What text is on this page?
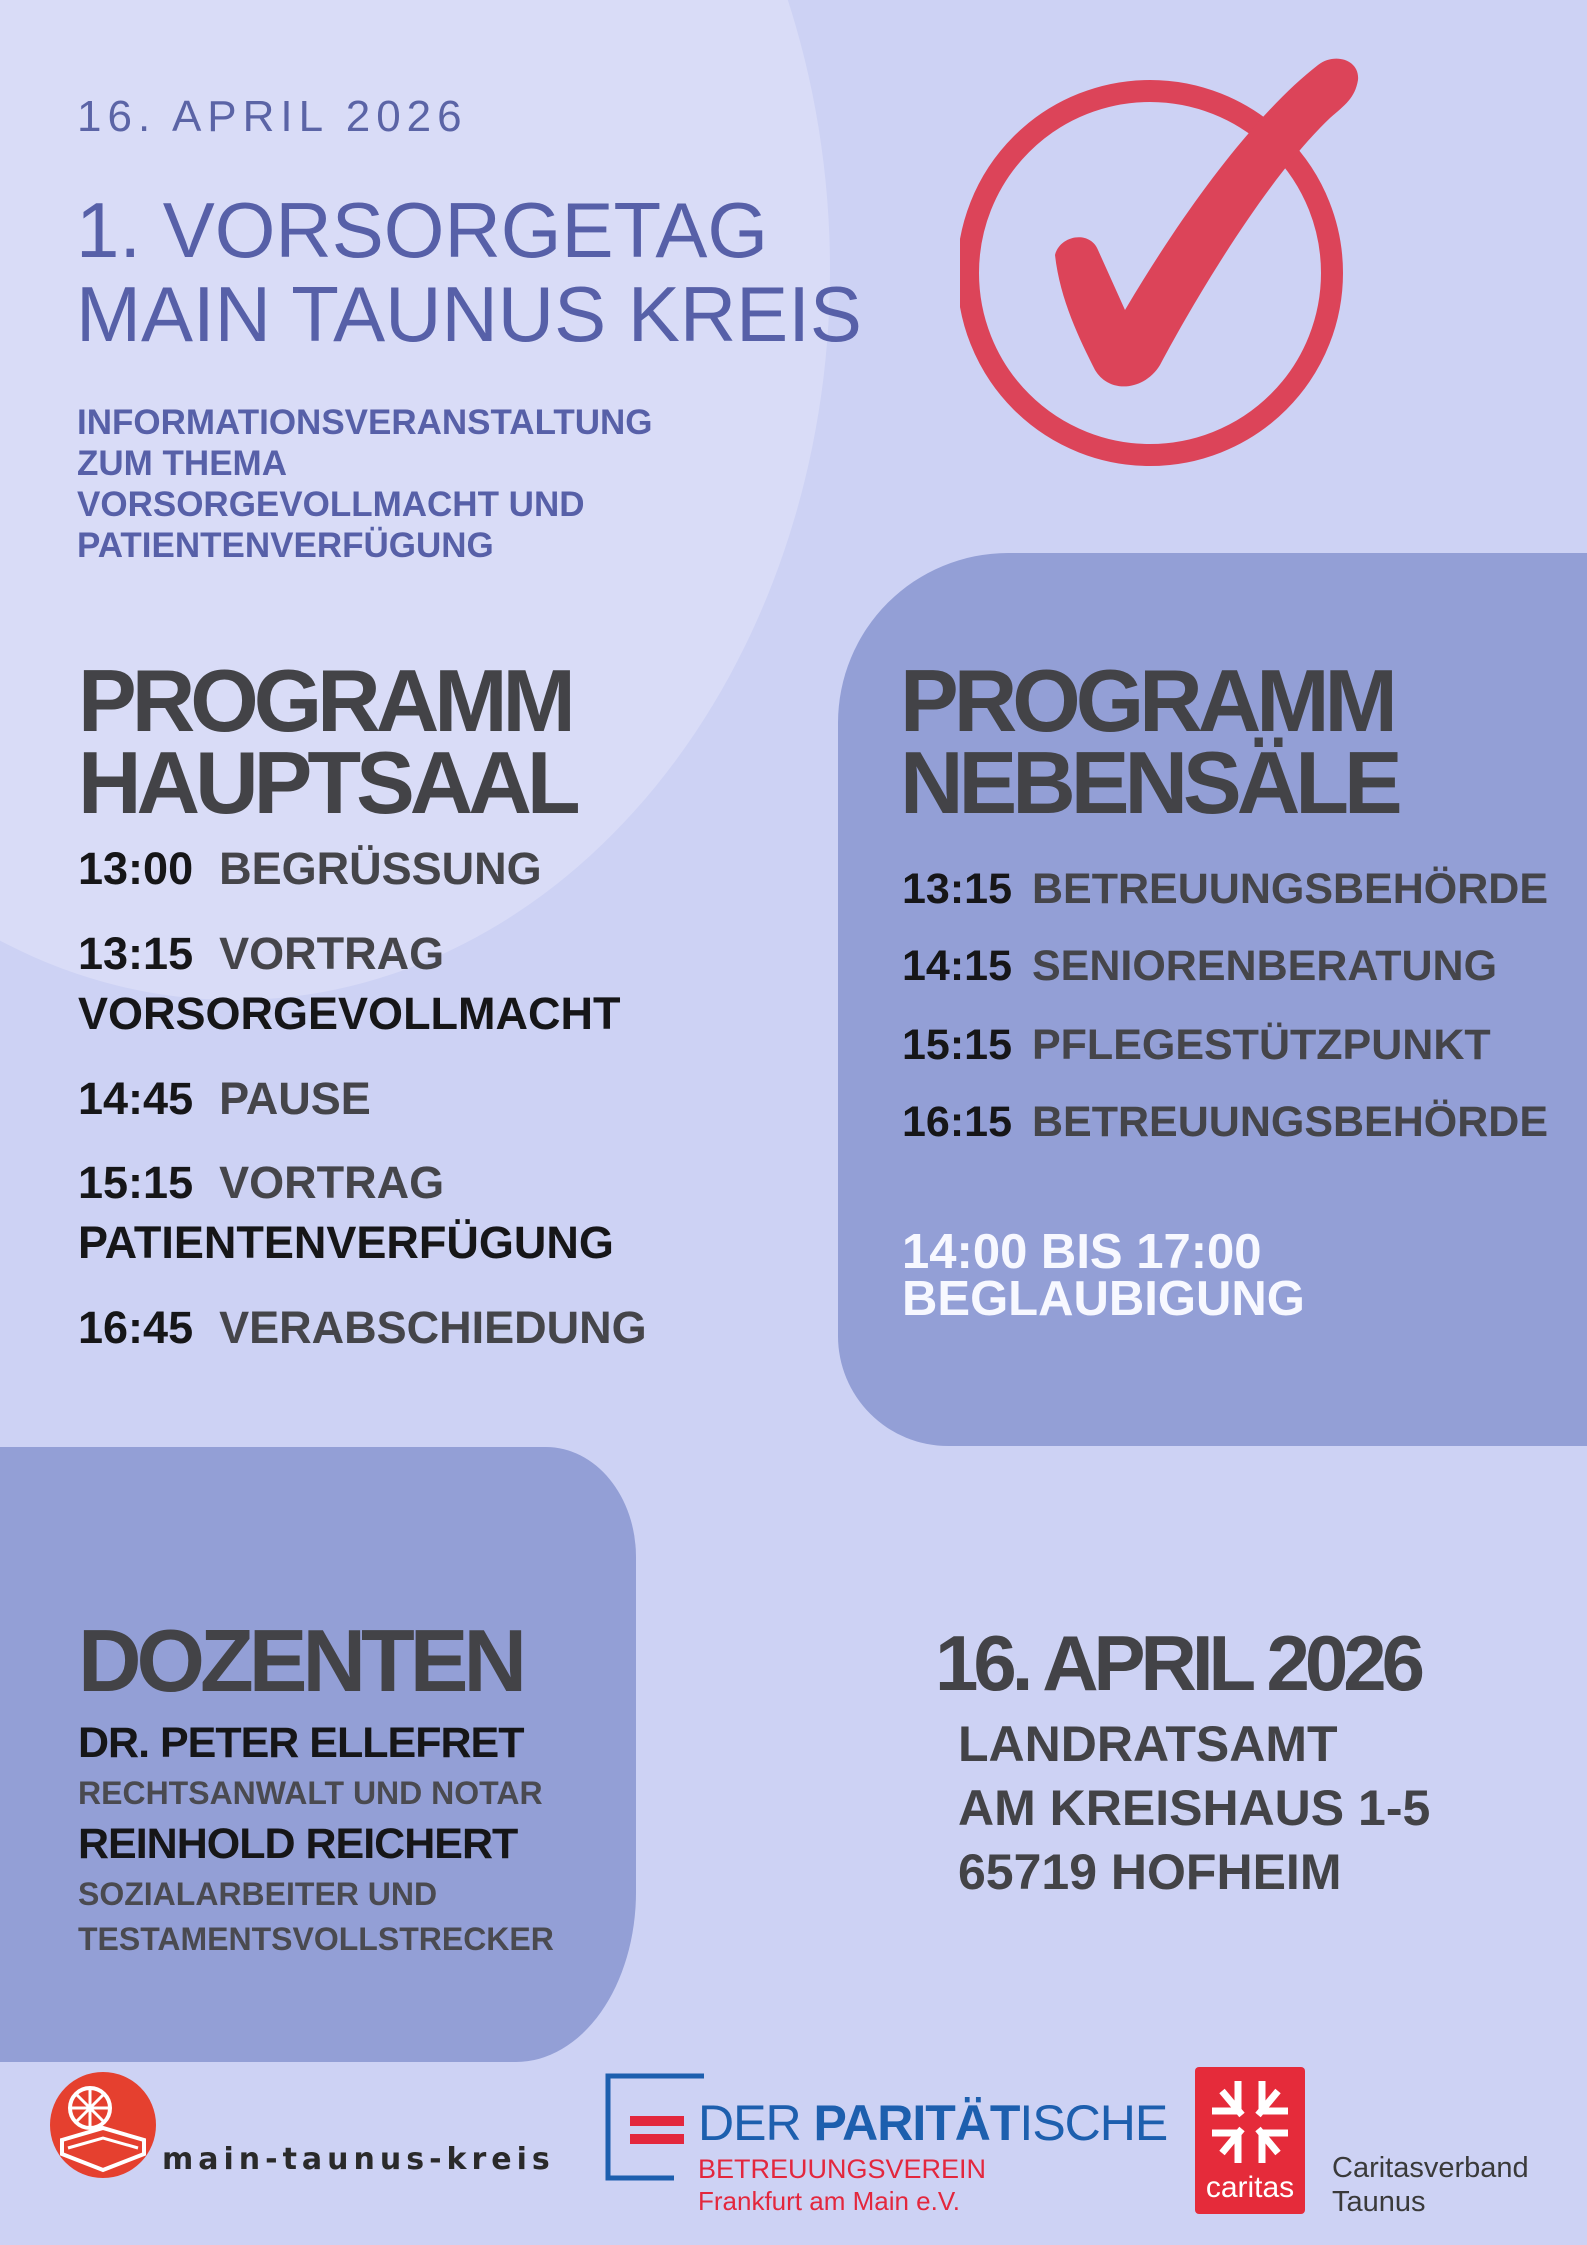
16. APRIL 2026
1. VORSORGETAG
MAIN TAUNUS KREIS
INFORMATIONSVERANSTALTUNG
ZUM THEMA
VORSORGEVOLLMACHT UND
PATIENTENVERFÜGUNG
PROGRAMM
HAUPTSAAL
13:00 BEGRÜSSUNG
13:15 VORTRAG
VORSORGEVOLLMACHT
14:45 PAUSE
15:15 VORTRAG
PATIENTENVERFÜGUNG
16:45 VERABSCHIEDUNG
PROGRAMM
NEBENSÄLE
13:15 BETREUUNGSBEHÖRDE
14:15 SENIORENBERATUNG
15:15 PFLEGESTÜTZPUNKT
16:15 BETREUUNGSBEHÖRDE
14:00 BIS 17:00
BEGLAUBIGUNG
DOZENTEN
DR. PETER ELLEFRET
RECHTSANWALT UND NOTAR
REINHOLD REICHERT
SOZIALARBEITER UND
TESTAMENTSVOLLSTRECKER
16. APRIL 2026
LANDRATSAMT
AM KREISHAUS 1-5
65719 HOFHEIM
main-taunus-kreis
DER PARITÄTISCHE
BETREUUNGSVEREIN
Frankfurt am Main e.V.	caritas
Caritasverband
Taunus
